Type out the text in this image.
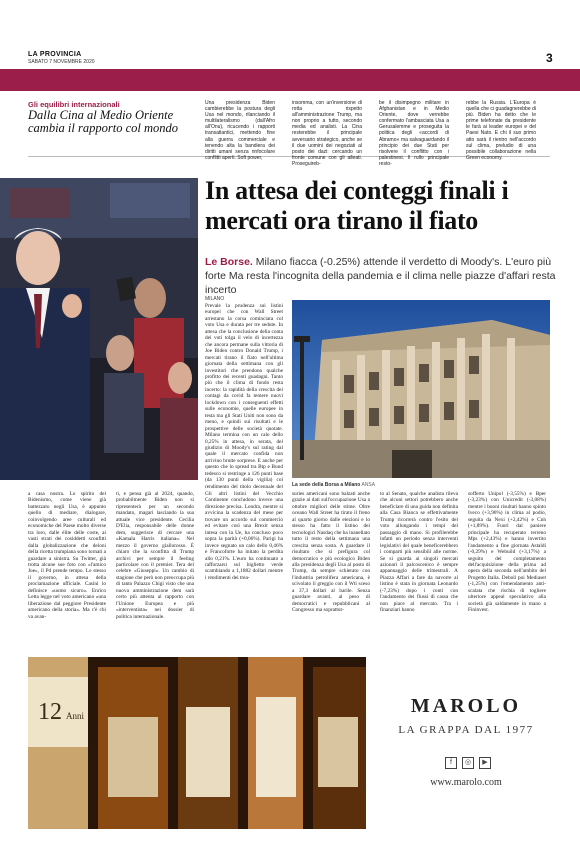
LA PROVINCIA
SABATO 7 NOVEMBRE 2020	3
Gli equilibri internazionali
Dalla Cina al Medio Oriente cambia il rapporto col mondo
Una presidenza Biden cambierebbe la postura degli Usa nel mondo, rilanciando il multilateralismo (dall'Afro all'Onu), ricucendo i rapporti transatlantici, mettendo fine alla guerra commerciale e tenendo alta la bandiera dei diritti umani senza rinfocolare conflitti aperti. Soft power,
insomma, con un'inversione di rotta rispetto all'amministrazione Trump, ma non proprio a tutto, secondo media ed analisti. La Cina resterebbe il principale avversario strategico, anche se il due uomini dei negoziati al posto dei dazi: cercando un fronte comune con gli alleati. Proseguireb-
be il disimpegno militare in Afghanistan e in Medio Oriente, dove verrebbe confermato l'ambasciata Usa a Gerusalemme e proseguita la politica degli «accordi di Abramo» ma salvaguardando il principio dei due Stati per risolvere il conflitto con i palestinesi. Il rullo principale resto-
rebbe la Russia. L'Europa è quella che ci guadagnerebbe di più. Biden ha detto che le prime telefonate da presidente le farà ai leader europei e del Paesi Nato. E chi il suo primo atto sarà il rientro nell'accordo sul clima, preludio di una possibile collaborazione nella Green economy.
In attesa dei conteggi finali i mercati ora tirano il fiato
Le Borse. Milano fiacca (-0.25%) attende il verdetto di Moody's. L'euro più forte Ma resta l'incognita della pandemia e il clima nelle piazze d'affari resta incerto
MILANO
Prevale la prudenza sui listini europei che con Wall Street arrestano la corsa cominciata col voto Usa e durata per tre sedute. In attesa che la conclusione della conta dei voti tolga il velo di incertezza che ancora permane sulla vittoria di Joe Biden contro Donald Trump, i mercati tirano il fiato nell'ultima giornata della settimana con gli investitori che prendono qualche profitto dei recenti guadagni. Tanto più che il clima di fondo resta incerto: la rapidità della crescita dei contagi da covid fa temere nuovi lockdown con i conseguenti effetti sulle economie, quelle europee in testa ma gli Stati Uniti non sono da meno, e quindi sui risultati e le prospettive delle società quotate. Milano termina con un calo dello 0,25% in attesa, in serata, del giudizio di Moody's sul rating dal quale il mercato confida non arrivino brutte sorprese. E anche per questo che lo spread tra Btp e Bund tedesco si restringe a 126 punti base (da 130 punti della vigilia) col rendimento del titolo decennale del La sede della Borsa a Milano ANSA
a casa nostra. Lo spirito del Bidenismo, come viene già battezzato negli Usa, è appunto quello di mediare, dialogare, coinvolgendo aree culturali ed economiche del Paese molto diverse tra loro, dalle élite delle coste, ai vasti strati dei cosiddetti sconfitti dalla globalizzazione che deloni della ricetta trumpiana sono tornati a guardare a sinistra. Su Twitter, già trotta alcune sue foto con «l'amico Joe», il Pd prende tempo. Lo stesso il governo, in attesa della proclamazione ufficiale. Casini lo definisce «uomo sicuro». Enrico Letta legge nel voto americano «una liberazione dal peggiore Presidente americano della storia». Ma c'è chi va avan-
ti, e pensa già al 2024, quando, probabilmente Biden non si ripresenterà per un secondo mandato, magari lasciando la sua attuale vice presidente. Cecilia D'Elia, responsabile delle donne dem, suggerisce di cercare una «Kamala Harris italiana». Nel mezzo il governo giallorosso. È chiaro che la sconfitta di Trump archivi per sempre il feeling particolare con il premier. Tera del celebre «Giuseppi». Un cambio di stagione che però non preoccupa più di tanto Palazzo Chigi visto che una nuova amministrazione dem sarà certo più attenta al rapporto con l'Unione Europea e più «interventista» nei dossier di politica internazionale.
Gli altri listini del Vecchio Continente concludono invece una direzione precisa. Londra, mentre si avvicina la scadenza del mese per trovare un accordo sul commercio ed evitare così una Brexit senza intesa con la Ue, ha concluso poco sopra la parità (+0,06%). Parigi ha invece segnato un calo dello 0,46% e Francoforte ha initato la perdita allo 0,21%. L'euro ha continuato a rafforzarsi sul biglietto verde scambiando a 1,1882 dollari mentre i rendimenti dei trea-
suries americani sono balzati anche grazie ai dati sull'occupazione Usa a ottobre migliori delle stime. Oltre oceano Wall Street ha tirato il freno al quarto giorno dalle elezioni e lo stesso ha fatto il listino dei tecnologici Nasdaq che ha inanellato tutto il resto della settimana una crescita senza sosta. A guardare il risultato che si prefigura col democratico e più ecologico Biden alla presidenza degli Usa al posto di Trump, da sempre schierato con l'industria petrolifera americana, è scivolato il greggio con il Wti sceso a 37,3 dollari al barile. Senza guardare avanti, al peso di democratici e repubblicani al Congresso ma soprattut-
to al Senato, qualche analista rileva che alcuni settori potrebbero anche beneficiare di una guida non definita alla Casa Bianca se effettivamente Trump ricorrerà contro l'esito del voto allungando i tempi del passaggio di mano. Si profilerebbe infatti un periodo senza interventi legislativi del quale beneficerebbero i comparti più sensibili alle norme. Se si guarda ai singoli mercati azionari il palcoscenico è sempre appannaggio delle trimestrali. A Piazza Affari a fare da navorre al listino è stata in giornata Leonardo (-7,23%) dopo i conti con l'andamento dei flussi di cassa che non piace al mercato. Tra i finanziari hanno
sofferto Unipol (-3,55%) e Bper (-3,23%) con Unicredit (-3,08%) mentre i buoni risultati hanno spinto Iveco (+3,96%) in clima al podio, seguita da Nexi (+2,42%) e Cnh (+1,89%). Fuori dal paniere principale ha recuperato terreno Mps (+2,43%) e hanno invertito l'andamento a fine giornata Astaldi (-0,29%) e Webuild (+3,17%) a seguito del completamento dell'acquisizione della prima ad opera della seconda nell'ambito del Progetto Italia. Deboli poi Mediaset (-1,25%) con l'emendamento anti-scalata che rischia di togliere ulteriore appeal speculativo alla società già saldamente in mano a Fininvest.
12 Anni	MAROLO
LA GRAPPA DAL 1977
f	◎	▶
www.marolo.com
